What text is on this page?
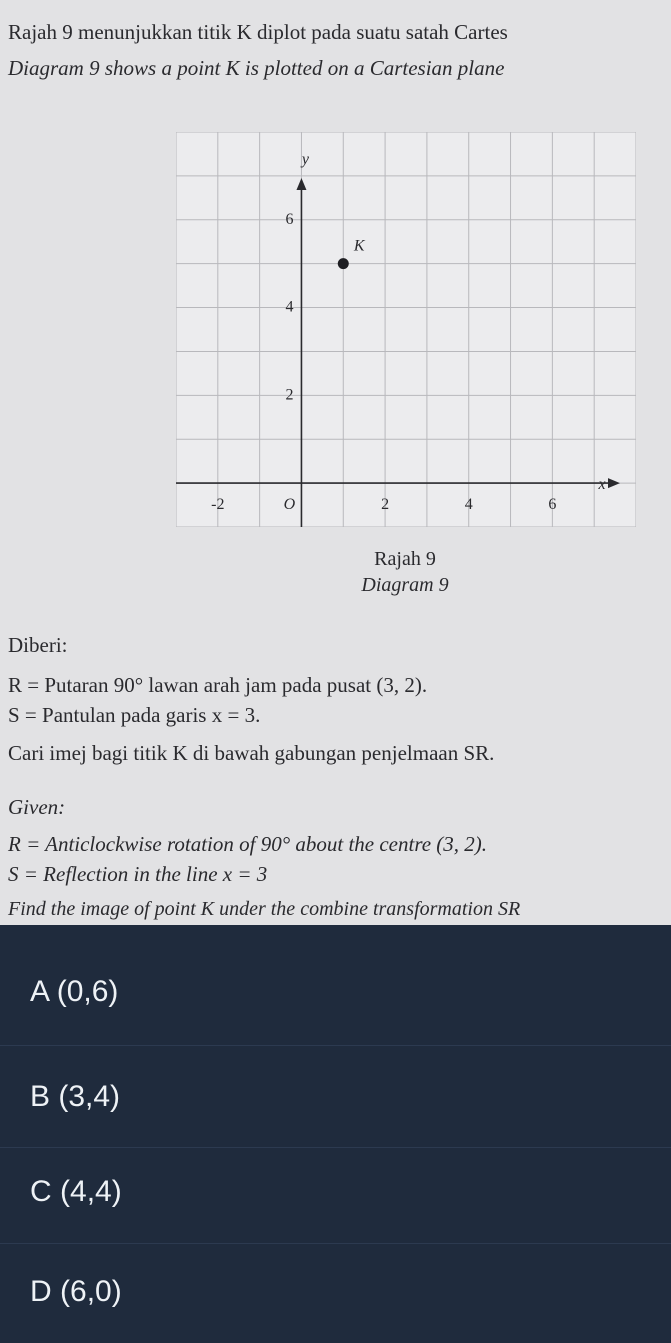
Rajah 9 menunjukkan titik K diplot pada suatu satah Cartes
Diagram 9 shows a point K is plotted on a Cartesian plane
x
y
-2	O	2	4	6
2
4
6
K
Rajah 9
Diagram 9
Diberi:
R = Putaran 90° lawan arah jam pada pusat (3, 2).
S = Pantulan pada garis x = 3.
Cari imej bagi titik K di bawah gabungan penjelmaan SR.
Given:
R = Anticlockwise rotation of 90° about the centre (3, 2).
S = Reflection in the line x = 3
Find the image of point K under the combine transformation SR
A (0,6)
B (3,4)
C (4,4)
D (6,0)
